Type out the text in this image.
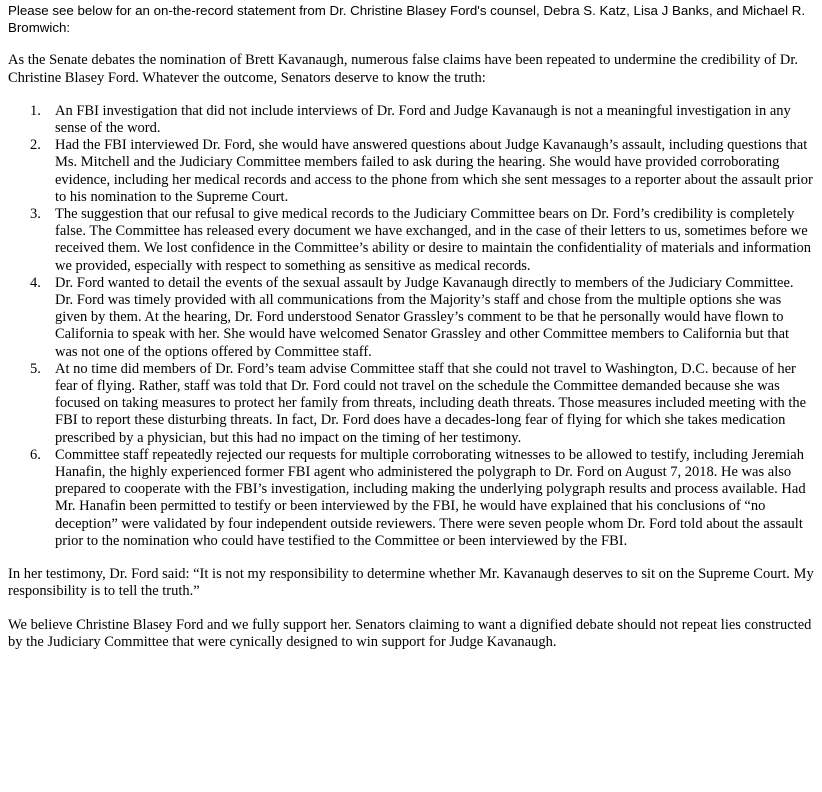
Please see below for an on-the-record statement from Dr. Christine Blasey Ford's counsel, Debra S. Katz, Lisa J Banks, and Michael R. Bromwich:

As the Senate debates the nomination of Brett Kavanaugh, numerous false claims have been repeated to undermine the credibility of Dr. Christine Blasey Ford. Whatever the outcome, Senators deserve to know the truth:

1. An FBI investigation that did not include interviews of Dr. Ford and Judge Kavanaugh is not a meaningful investigation in any sense of the word.
2. Had the FBI interviewed Dr. Ford, she would have answered questions about Judge Kavanaugh’s assault, including questions that Ms. Mitchell and the Judiciary Committee members failed to ask during the hearing. She would have provided corroborating evidence, including her medical records and access to the phone from which she sent messages to a reporter about the assault prior to his nomination to the Supreme Court.
3. The suggestion that our refusal to give medical records to the Judiciary Committee bears on Dr. Ford’s credibility is completely false. The Committee has released every document we have exchanged, and in the case of their letters to us, sometimes before we received them. We lost confidence in the Committee’s ability or desire to maintain the confidentiality of materials and information we provided, especially with respect to something as sensitive as medical records.
4. Dr. Ford wanted to detail the events of the sexual assault by Judge Kavanaugh directly to members of the Judiciary Committee. Dr. Ford was timely provided with all communications from the Majority’s staff and chose from the multiple options she was given by them. At the hearing, Dr. Ford understood Senator Grassley’s comment to be that he personally would have flown to California to speak with her. She would have welcomed Senator Grassley and other Committee members to California but that was not one of the options offered by Committee staff.
5. At no time did members of Dr. Ford’s team advise Committee staff that she could not travel to Washington, D.C. because of her fear of flying. Rather, staff was told that Dr. Ford could not travel on the schedule the Committee demanded because she was focused on taking measures to protect her family from threats, including death threats. Those measures included meeting with the FBI to report these disturbing threats. In fact, Dr. Ford does have a decades-long fear of flying for which she takes medication prescribed by a physician, but this had no impact on the timing of her testimony.
6. Committee staff repeatedly rejected our requests for multiple corroborating witnesses to be allowed to testify, including Jeremiah Hanafin, the highly experienced former FBI agent who administered the polygraph to Dr. Ford on August 7, 2018. He was also prepared to cooperate with the FBI’s investigation, including making the underlying polygraph results and process available. Had Mr. Hanafin been permitted to testify or been interviewed by the FBI, he would have explained that his conclusions of “no deception” were validated by four independent outside reviewers. There were seven people whom Dr. Ford told about the assault prior to the nomination who could have testified to the Committee or been interviewed by the FBI.

In her testimony, Dr. Ford said: “It is not my responsibility to determine whether Mr. Kavanaugh deserves to sit on the Supreme Court. My responsibility is to tell the truth.”

We believe Christine Blasey Ford and we fully support her. Senators claiming to want a dignified debate should not repeat lies constructed by the Judiciary Committee that were cynically designed to win support for Judge Kavanaugh.
